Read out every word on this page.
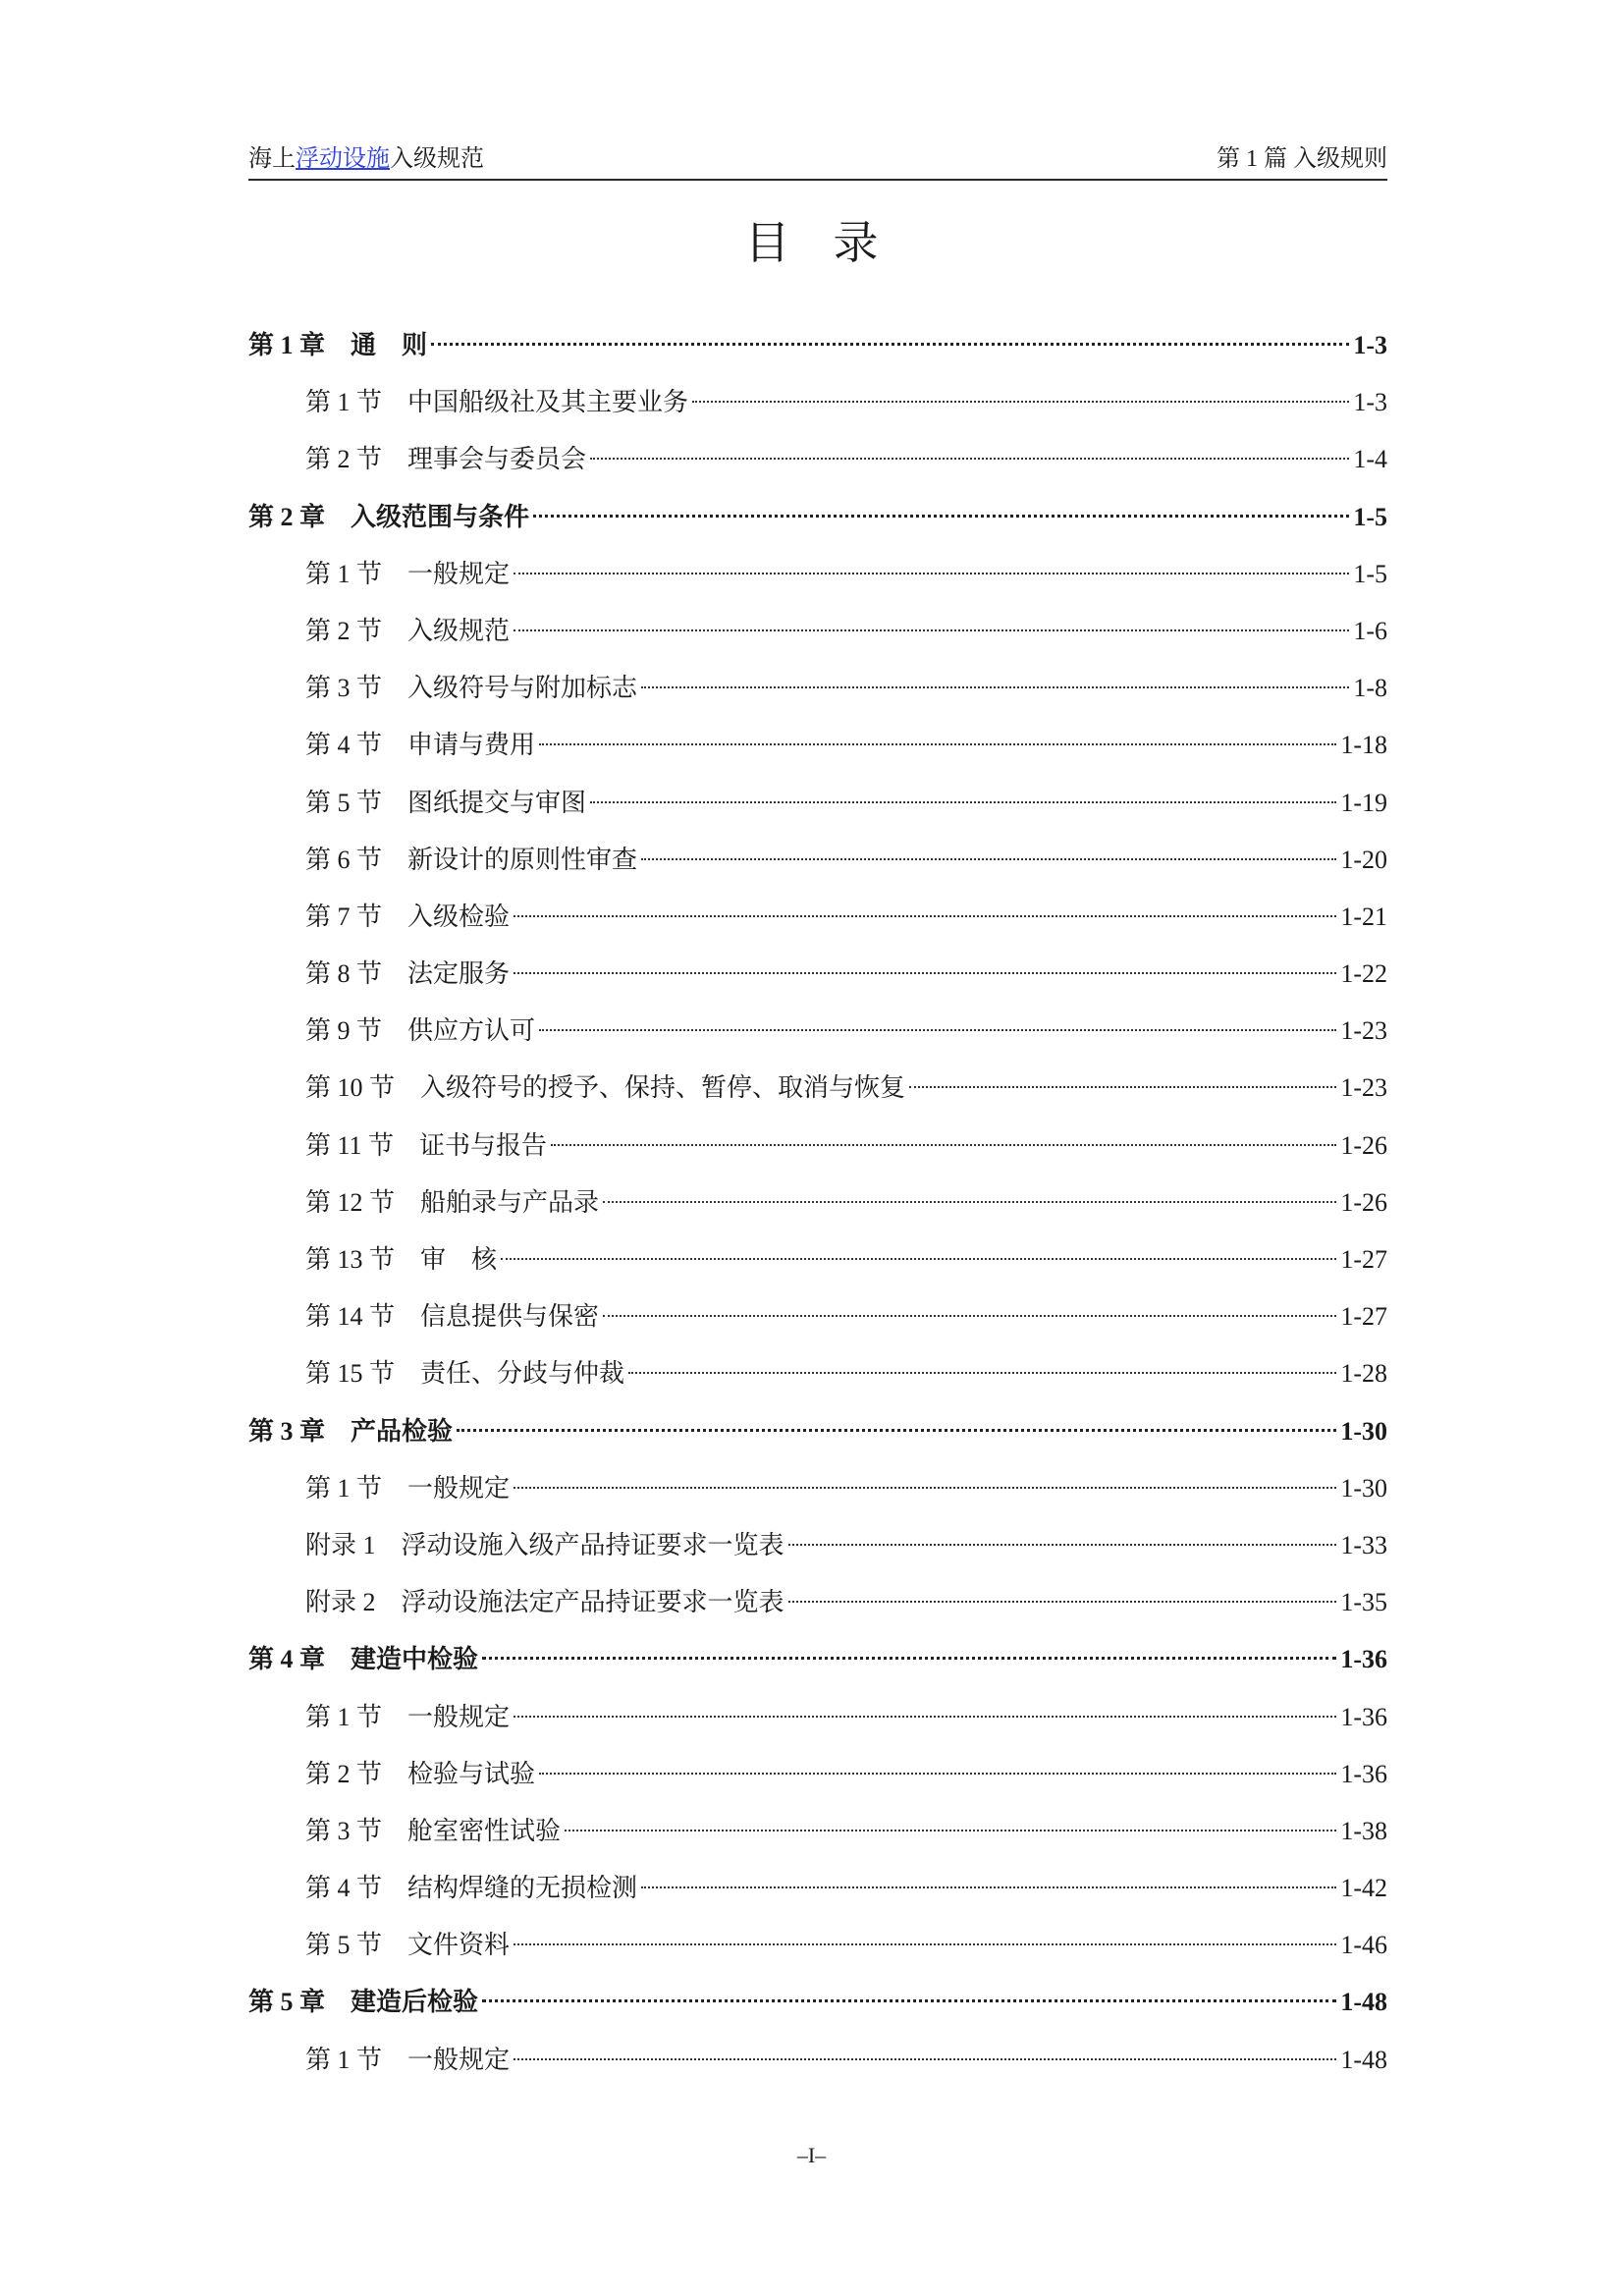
海上浮动设施入级规范	第 1 篇 入级规则
目 录
第 1 章    通    则	1-3
第 1 节    中国船级社及其主要业务	1-3
第 2 节    理事会与委员会	1-4
第 2 章    入级范围与条件	1-5
第 1 节    一般规定	1-5
第 2 节    入级规范	1-6
第 3 节    入级符号与附加标志	1-8
第 4 节    申请与费用	1-18
第 5 节    图纸提交与审图	1-19
第 6 节    新设计的原则性审查	1-20
第 7 节    入级检验	1-21
第 8 节    法定服务	1-22
第 9 节    供应方认可	1-23
第 10 节    入级符号的授予、保持、暂停、取消与恢复	1-23
第 11 节    证书与报告	1-26
第 12 节    船舶录与产品录	1-26
第 13 节    审    核	1-27
第 14 节    信息提供与保密	1-27
第 15 节    责任、分歧与仲裁	1-28
第 3 章    产品检验	1-30
第 1 节    一般规定	1-30
附录 1    浮动设施入级产品持证要求一览表	1-33
附录 2    浮动设施法定产品持证要求一览表	1-35
第 4 章    建造中检验	1-36
第 1 节    一般规定	1-36
第 2 节    检验与试验	1-36
第 3 节    舱室密性试验	1-38
第 4 节    结构焊缝的无损检测	1-42
第 5 节    文件资料	1-46
第 5 章    建造后检验	1-48
第 1 节    一般规定	1-48
–I–
